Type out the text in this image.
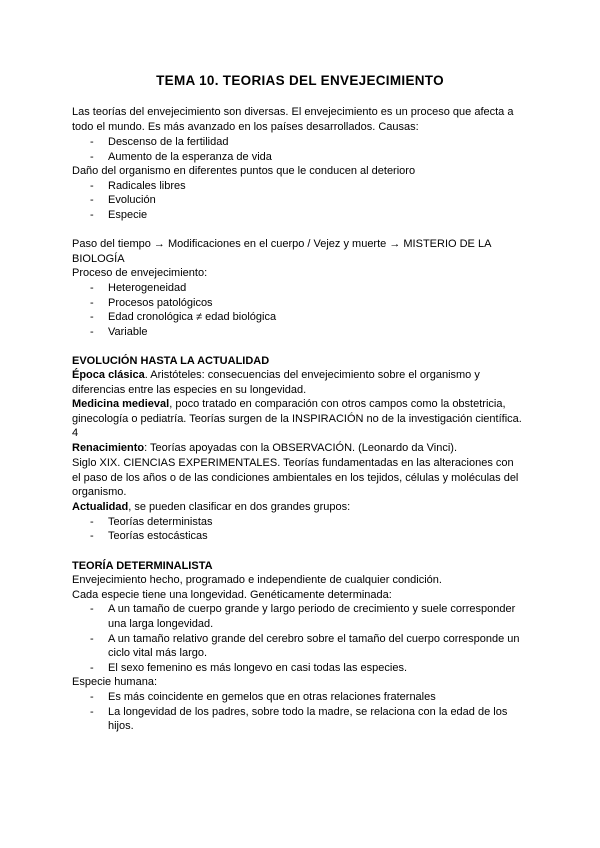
TEMA 10. TEORIAS DEL ENVEJECIMIENTO
Las teorías del envejecimiento son diversas. El envejecimiento es un proceso que afecta a
todo el mundo. Es más avanzado en los países desarrollados. Causas:
- Descenso de la fertilidad
- Aumento de la esperanza de vida
Daño del organismo en diferentes puntos que le conducen al deterioro
- Radicales libres
- Evolución
- Especie
Paso del tiempo → Modificaciones en el cuerpo / Vejez y muerte → MISTERIO DE LA
BIOLOGÍA
Proceso de envejecimiento:
- Heterogeneidad
- Procesos patológicos
- Edad cronológica ≠ edad biológica
- Variable
EVOLUCIÓN HASTA LA ACTUALIDAD
Época clásica. Aristóteles: consecuencias del envejecimiento sobre el organismo y
diferencias entre las especies en su longevidad.
Medicina medieval, poco tratado en comparación con otros campos como la obstetricia,
ginecología o pediatría. Teorías surgen de la INSPIRACIÓN no de la investigación científica.
4
Renacimiento: Teorías apoyadas con la OBSERVACIÓN. (Leonardo da Vinci).
Siglo XIX. CIENCIAS EXPERIMENTALES. Teorías fundamentadas en las alteraciones con
el paso de los años o de las condiciones ambientales en los tejidos, células y moléculas del
organismo.
Actualidad, se pueden clasificar en dos grandes grupos:
- Teorías deterministas
- Teorías estocásticas
TEORÍA DETERMINALISTA
Envejecimiento hecho, programado e independiente de cualquier condición.
Cada especie tiene una longevidad. Genéticamente determinada:
- A un tamaño de cuerpo grande y largo periodo de crecimiento y suele corresponder
una larga longevidad.
- A un tamaño relativo grande del cerebro sobre el tamaño del cuerpo corresponde un
ciclo vital más largo.
- El sexo femenino es más longevo en casi todas las especies.
Especie humana:
- Es más coincidente en gemelos que en otras relaciones fraternales
- La longevidad de los padres, sobre todo la madre, se relaciona con la edad de los
hijos.
